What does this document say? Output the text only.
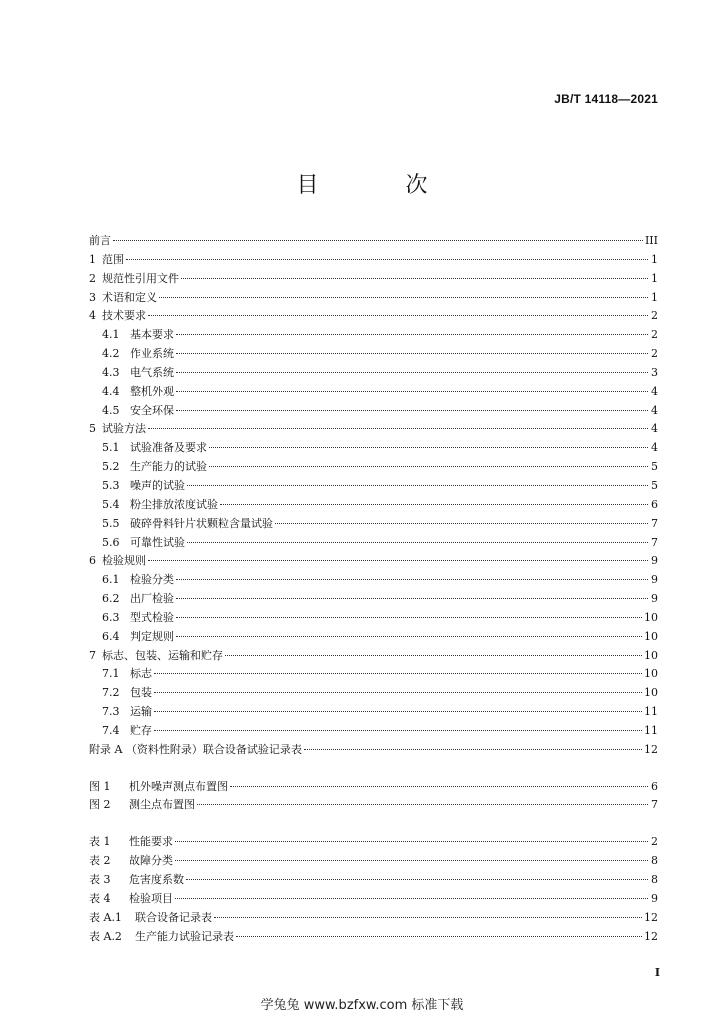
JB/T 14118—2021
目 次
前言	III
1 范围	1
2 规范性引用文件	1
3 术语和定义	1
4 技术要求	2
4.1 基本要求	2
4.2 作业系统	2
4.3 电气系统	3
4.4 整机外观	4
4.5 安全环保	4
5 试验方法	4
5.1 试验准备及要求	4
5.2 生产能力的试验	5
5.3 噪声的试验	5
5.4 粉尘排放浓度试验	6
5.5 破碎骨料针片状颗粒含量试验	7
5.6 可靠性试验	7
6 检验规则	9
6.1 检验分类	9
6.2 出厂检验	9
6.3 型式检验	10
6.4 判定规则	10
7 标志、包装、运输和贮存	10
7.1 标志	10
7.2 包装	10
7.3 运输	11
7.4 贮存	11
附录 A （资料性附录）联合设备试验记录表	12
图 1	机外噪声测点布置图	6
图 2	测尘点布置图	7
表 1	性能要求	2
表 2	故障分类	8
表 3	危害度系数	8
表 4	检验项目	9
表 A.1	联合设备记录表	12
表 A.2	生产能力试验记录表	12
I
学兔兔 www.bzfxw.com 标准下载
